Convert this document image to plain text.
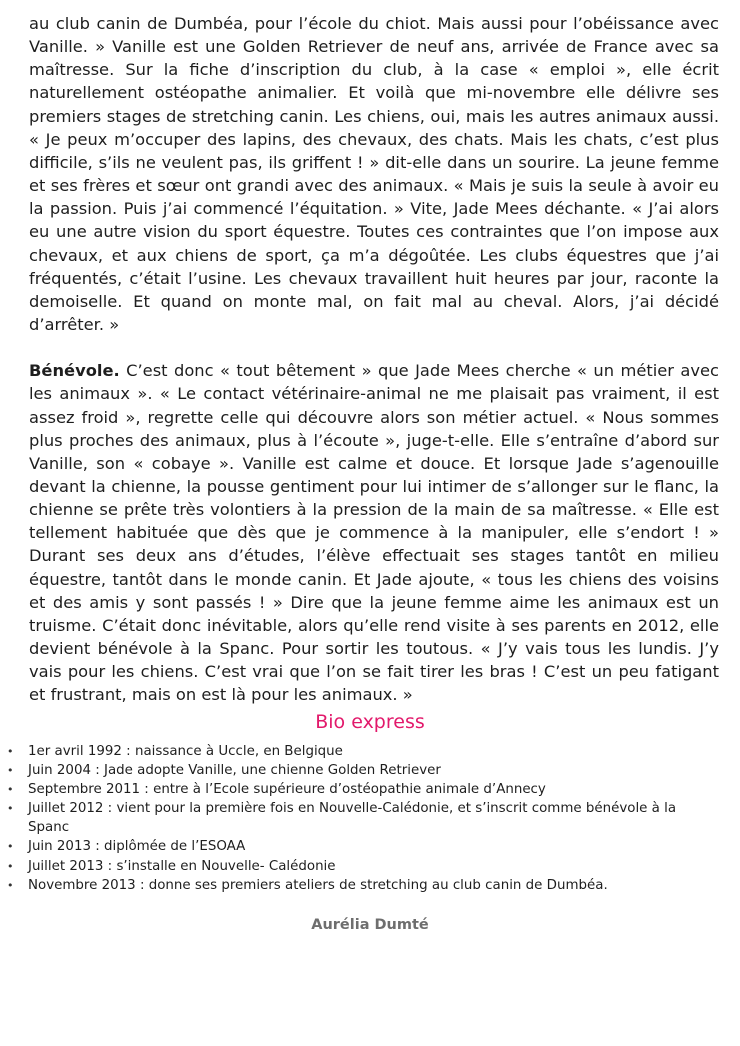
au club canin de Dumbéa, pour l’école du chiot. Mais aussi pour l’obéissance avec Vanille. » Vanille est une Golden Retriever de neuf ans, arrivée de France avec sa maîtresse. Sur la fiche d’inscription du club, à la case « emploi », elle écrit naturellement ostéopathe animalier. Et voilà que mi-novembre elle délivre ses premiers stages de stretching canin. Les chiens, oui, mais les autres animaux aussi. « Je peux m’occuper des lapins, des chevaux, des chats. Mais les chats, c’est plus difficile, s’ils ne veulent pas, ils griffent ! » dit-elle dans un sourire. La jeune femme et ses frères et sœur ont grandi avec des animaux. « Mais je suis la seule à avoir eu la passion. Puis j’ai commencé l’équitation. » Vite, Jade Mees déchante. « J’ai alors eu une autre vision du sport équestre. Toutes ces contraintes que l’on impose aux chevaux, et aux chiens de sport, ça m’a dégoûtée. Les clubs équestres que j’ai fréquentés, c’était l’usine. Les chevaux travaillent huit heures par jour, raconte la demoiselle. Et quand on monte mal, on fait mal au cheval. Alors, j’ai décidé d’arrêter. »

Bénévole. C’est donc « tout bêtement » que Jade Mees cherche « un métier avec les animaux ». « Le contact vétérinaire-animal ne me plaisait pas vraiment, il est assez froid », regrette celle qui découvre alors son métier actuel. « Nous sommes plus proches des animaux, plus à l’écoute », juge-t-elle. Elle s’entraîne d’abord sur Vanille, son « cobaye ». Vanille est calme et douce. Et lorsque Jade s’agenouille devant la chienne, la pousse gentiment pour lui intimer de s’allonger sur le flanc, la chienne se prête très volontiers à la pression de la main de sa maîtresse. « Elle est tellement habituée que dès que je commence à la manipuler, elle s’endort ! » Durant ses deux ans d’études, l’élève effectuait ses stages tantôt en milieu équestre, tantôt dans le monde canin. Et Jade ajoute, « tous les chiens des voisins et des amis y sont passés ! » Dire que la jeune femme aime les animaux est un truisme. C’était donc inévitable, alors qu’elle rend visite à ses parents en 2012, elle devient bénévole à la Spanc. Pour sortir les toutous. « J’y vais tous les lundis. J’y vais pour les chiens. C’est vrai que l’on se fait tirer les bras ! C’est un peu fatigant et frustrant, mais on est là pour les animaux. »

Bio express
• 1er avril 1992 : naissance à Uccle, en Belgique
• Juin 2004 : Jade adopte Vanille, une chienne Golden Retriever
• Septembre 2011 : entre à l’Ecole supérieure d’ostéopathie animale d’Annecy
• Juillet 2012 : vient pour la première fois en Nouvelle-Calédonie, et s’inscrit comme bénévole à la Spanc
• Juin 2013 : diplômée de l’ESOAA
• Juillet 2013 : s’installe en Nouvelle- Calédonie
• Novembre 2013 : donne ses premiers ateliers de stretching au club canin de Dumbéa.

Aurélia Dumté
